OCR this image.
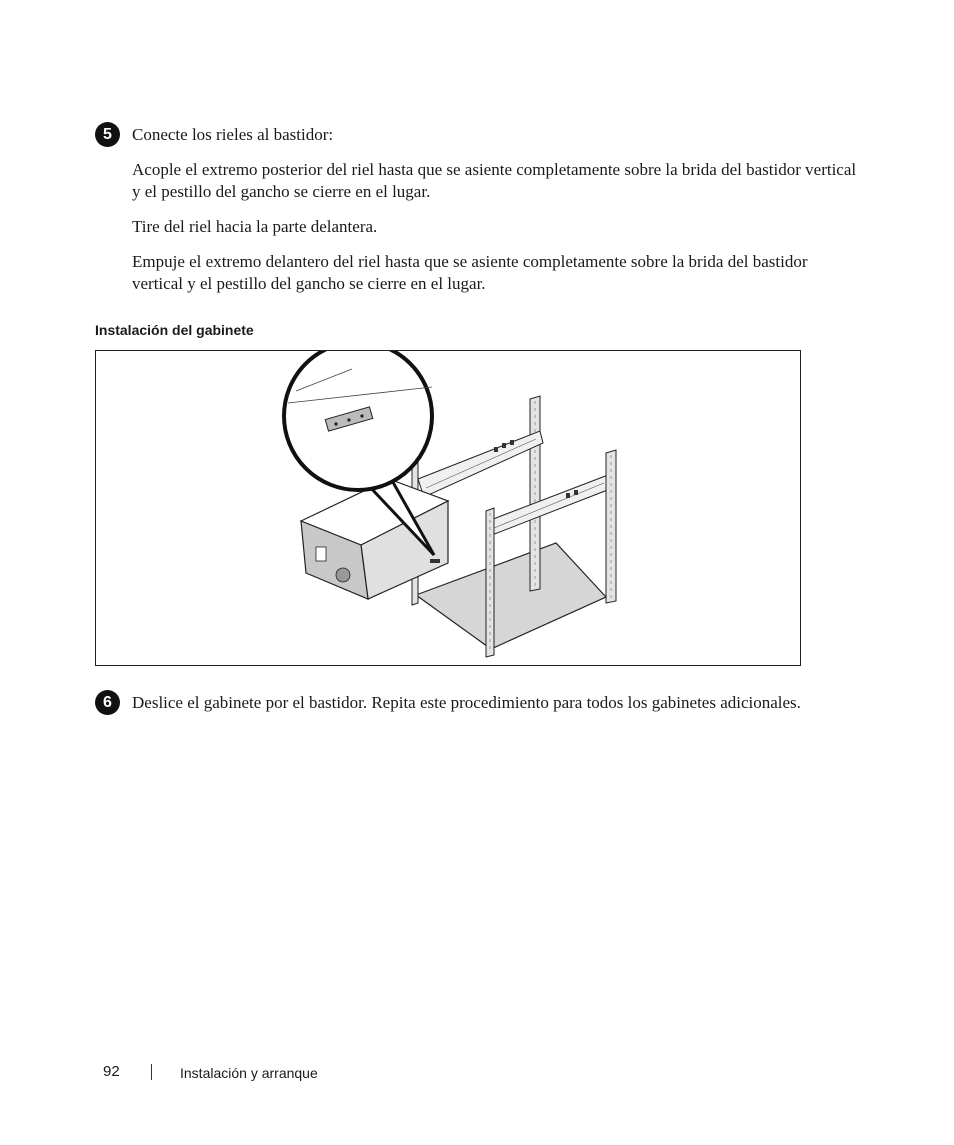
5	Conecte los rieles al bastidor:

Acople el extremo posterior del riel hasta que se asiente completamente sobre la brida del bastidor vertical y el pestillo del gancho se cierre en el lugar.

Tire del riel hacia la parte delantera.

Empuje el extremo delantero del riel hasta que se asiente completamente sobre la brida del bastidor vertical y el pestillo del gancho se cierre en el lugar.

Instalación del gabinete
6	Deslice el gabinete por el bastidor. Repita este procedimiento para todos los gabinetes adicionales.

92	Instalación y arranque
